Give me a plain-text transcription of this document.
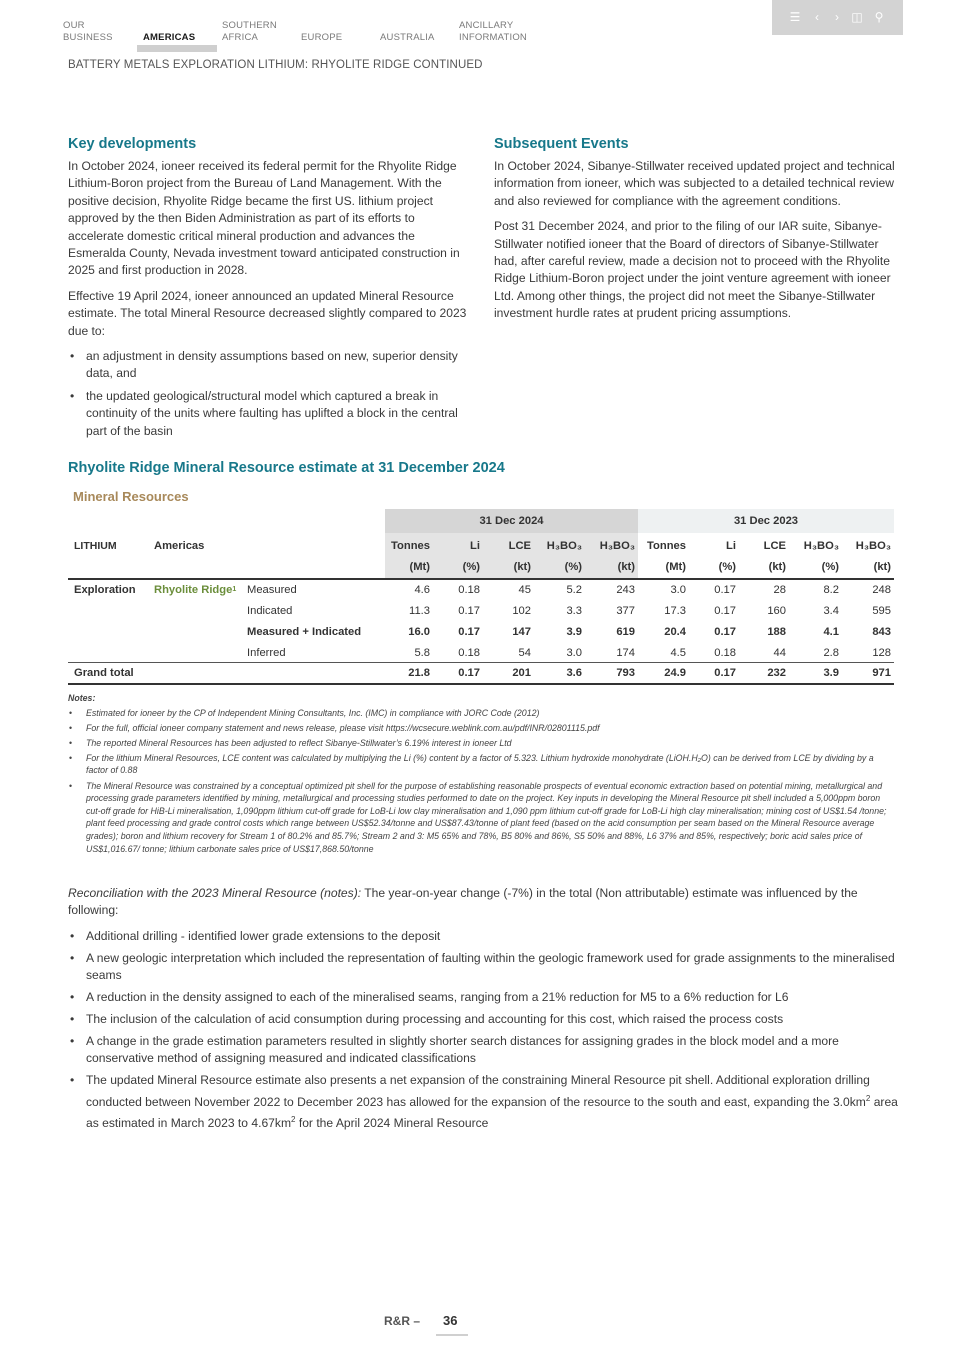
OUR
BUSINESS	AMERICAS
SOUTHERN
AFRICA	EUROPE	AUSTRALIA
ANCILLARY
INFORMATION
☰	‹	›	◫ ⚲
BATTERY METALS EXPLORATION LITHIUM: RHYOLITE RIDGE CONTINUED
Key developments

In October 2024, ioneer received its federal permit for the Rhyolite Ridge Lithium-Boron project from the Bureau of Land Management. With the positive decision, Rhyolite Ridge became the first US. lithium project approved by the then Biden Administration as part of its efforts to accelerate domestic critical mineral production and advances the Esmeralda County, Nevada investment toward anticipated construction in 2025 and first production in 2028.

Effective 19 April 2024, ioneer announced an updated Mineral Resource estimate. The total Mineral Resource decreased slightly compared to 2023 due to:

• an adjustment in density assumptions based on new, superior density data, and
• the updated geological/structural model which captured a break in continuity of the units where faulting has uplifted a block in the central part of the basin
Subsequent Events

In October 2024, Sibanye-Stillwater received updated project and technical information from ioneer, which was subjected to a detailed technical review and also reviewed for compliance with the agreement conditions.

Post 31 December 2024, and prior to the filing of our IAR suite, Sibanye-Stillwater notified ioneer that the Board of directors of Sibanye-Stillwater had, after careful review, made a decision not to proceed with the Rhyolite Ridge Lithium-Boron project under the joint venture agreement with ioneer Ltd. Among other things, the project did not meet the Sibanye-Stillwater investment hurdle rates at prudent pricing assumptions.

Rhyolite Ridge Mineral Resource estimate at 31 December 2024
Mineral Resources
31 Dec 2024	31 Dec 2023
LITHIUM	Americas	Tonnes	Li	LCE	H₃BO₃	H₃BO₃	Tonnes	Li	LCE	H₃BO₃	H₃BO₃
(Mt)	(%)	(kt)	(%)	(kt)	(Mt)	(%)	(kt)	(%)	(kt)
Exploration	Rhyolite Ridge 1 Measured	4.6	0.18	45	5.2	243	3.0	0.17	28	8.2	248
Indicated	11.3	0.17	102	3.3	377	17.3	0.17	160	3.4	595
Measured + Indicated	16.0	0.17	147	3.9	619	20.4	0.17	188	4.1	843
Inferred	5.8	0.18	54	3.0	174	4.5	0.18	44	2.8	128
Grand total	21.8	0.17	201	3.6	793	24.9	0.17	232	3.9	971
Notes:
• Estimated for ioneer by the CP of Independent Mining Consultants, Inc. (IMC) in compliance with JORC Code (2012)
• For the full, official ioneer company statement and news release, please visit https://wcsecure.weblink.com.au/pdf/INR/02801115.pdf
• The reported Mineral Resources has been adjusted to reflect Sibanye-Stillwater’s 6.19% interest in ioneer Ltd
• For the lithium Mineral Resources, LCE content was calculated by multiplying the Li (%) content by a factor of 5.323. Lithium hydroxide monohydrate (LiOH.H₂O) can be derived from LCE by dividing by a factor of 0.88
• The Mineral Resource was constrained by a conceptual optimized pit shell for the purpose of establishing reasonable prospects of eventual economic extraction based on potential mining, metallurgical and processing grade parameters identified by mining, metallurgical and processing studies performed to date on the project. Key inputs in developing the Mineral Resource pit shell included a 5,000ppm boron cut-off grade for HiB-Li mineralisation, 1,090ppm lithium cut-off grade for LoB-Li low clay mineralisation and 1,090 ppm lithium cut-off grade for LoB-Li high clay mineralisation; mining cost of US$1.54 /tonne; plant feed processing and grade control costs which range between US$52.34/tonne and US$87.43/tonne of plant feed (based on the acid consumption per seam based on the Mineral Resource average grades); boron and lithium recovery for Stream 1 of 80.2% and 85.7%; Stream 2 and 3: M5 65% and 78%, B5 80% and 86%, S5 50% and 88%, L6 37% and 85%, respectively; boric acid sales price of US$1,016.67/ tonne; lithium carbonate sales price of US$17,868.50/tonne

Reconciliation with the 2023 Mineral Resource (notes): The year-on-year change (-7%) in the total (Non attributable) estimate was influenced by the following:

• Additional drilling - identified lower grade extensions to the deposit
• A new geologic interpretation which included the representation of faulting within the geologic framework used for grade assignments to the mineralised seams
• A reduction in the density assigned to each of the mineralised seams, ranging from a 21% reduction for M5 to a 6% reduction for L6
• The inclusion of the calculation of acid consumption during processing and accounting for this cost, which raised the process costs
• A change in the grade estimation parameters resulted in slightly shorter search distances for assigning grades in the block model and a more conservative method of assigning measured and indicated classifications
• The updated Mineral Resource estimate also presents a net expansion of the constraining Mineral Resource pit shell. Additional exploration drilling conducted between November 2022 to December 2023 has allowed for the expansion of the resource to the south and east, expanding the $3.0km^2$ area as estimated in March 2023 to $4.67km^2$ for the April 2024 Mineral Resource
R&R – 36
